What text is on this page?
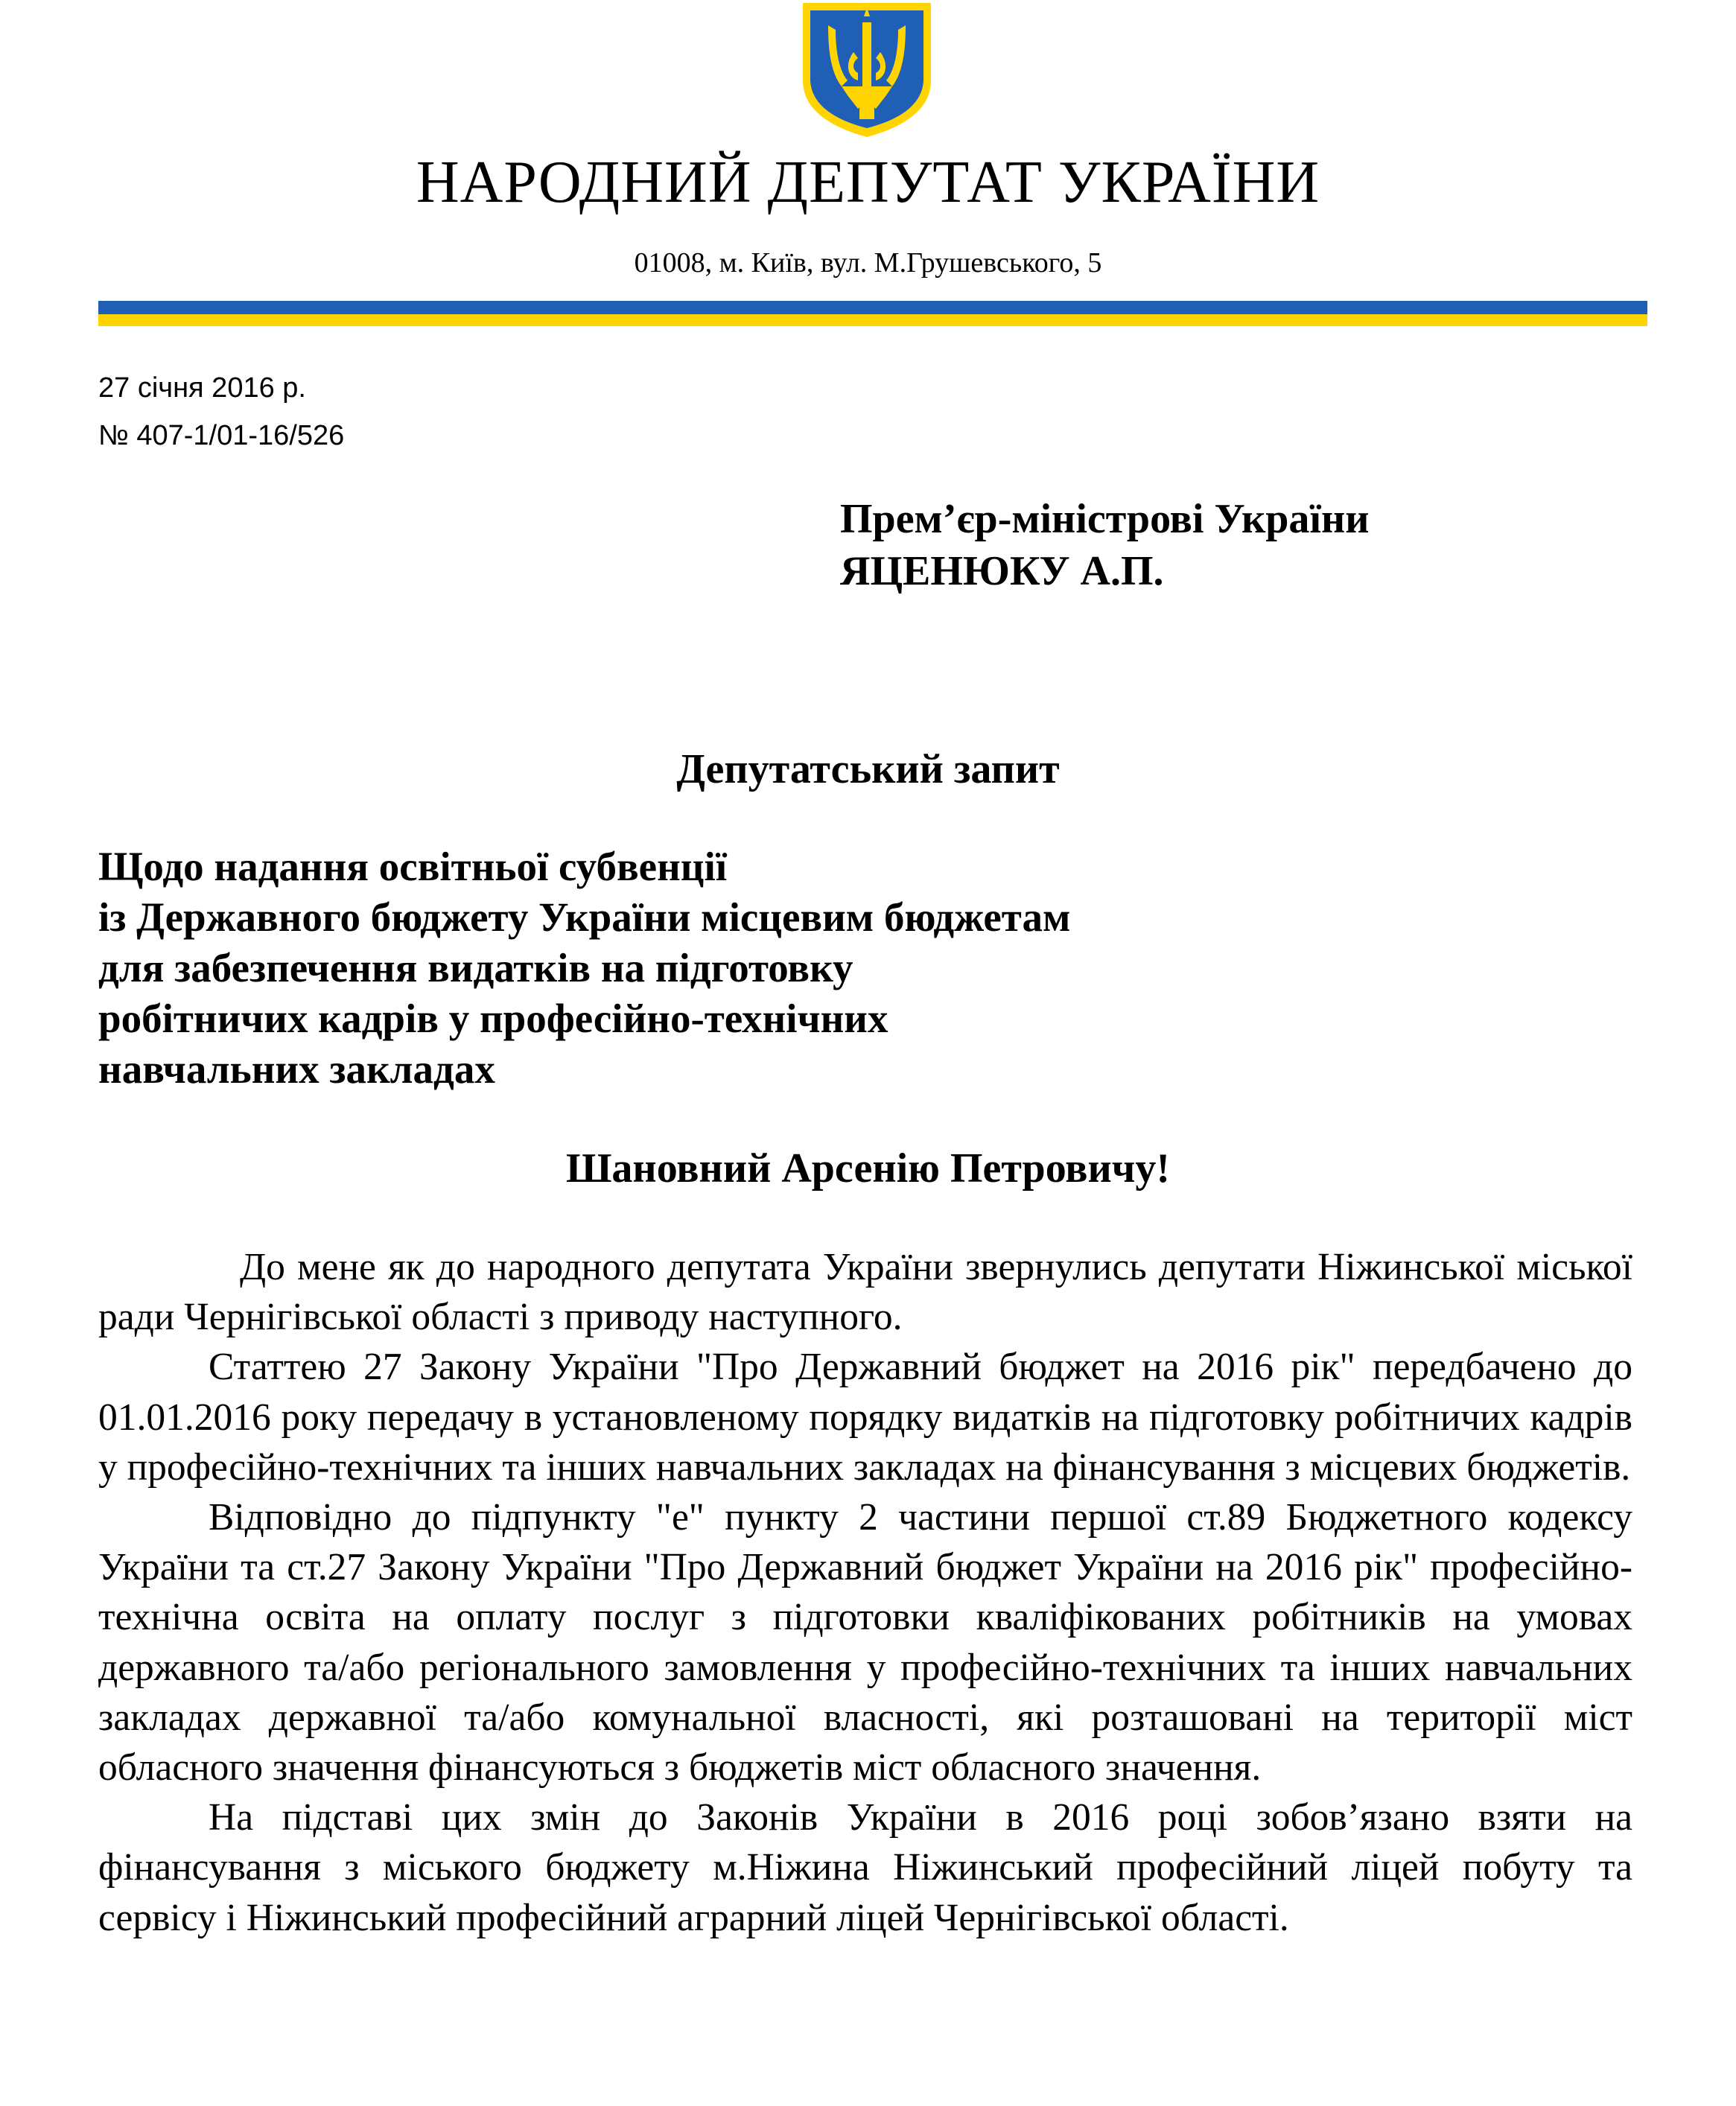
НАРОДНИЙ ДЕПУТАТ УКРАЇНИ
01008, м. Київ, вул. М.Грушевського, 5
27 січня 2016 р.
№ 407-1/01-16/526
Прем’єр-міністрові України
ЯЦЕНЮКУ А.П.
Депутатський запит
Щодо надання освітньої субвенції
із Державного бюджету України місцевим бюджетам
для забезпечення видатків на підготовку
робітничих кадрів у професійно-технічних
навчальних закладах
Шановний Арсенію Петровичу!

До мене як до народного депутата України звернулись депутати Ніжинської міської ради Чернігівської області з приводу наступного.

Статтею 27 Закону України "Про Державний бюджет на 2016 рік" передбачено до 01.01.2016 року передачу в установленому порядку видатків на підготовку робітничих кадрів у професійно-технічних та інших навчальних закладах на фінансування з місцевих бюджетів.

Відповідно до підпункту "е" пункту 2 частини першої ст.89 Бюджетного кодексу України та ст.27 Закону України "Про Державний бюджет України на 2016 рік" професійно-технічна освіта на оплату послуг з підготовки кваліфікованих робітників на умовах державного та/або регіонального замовлення у професійно-технічних та інших навчальних закладах державної та/або комунальної власності, які розташовані на території міст обласного значення фінансуються з бюджетів міст обласного значення.

На підставі цих змін до Законів України в 2016 році зобов’язано взяти на фінансування з міського бюджету м.Ніжина Ніжинський професійний ліцей побуту та сервісу і Ніжинський професійний аграрний ліцей Чернігівської області.
